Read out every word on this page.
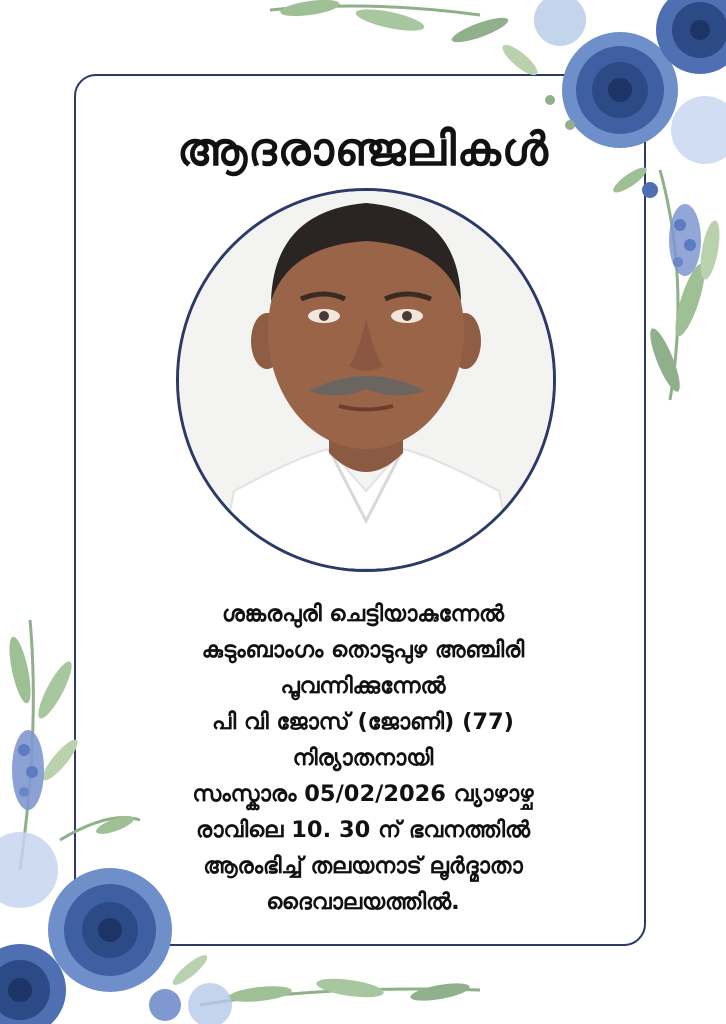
ആദരാഞ്ജലികൾ
ശങ്കരപുരി ചെട്ടിയാകുന്നേൽ
കുടുംബാംഗം തൊടുപുഴ അഞ്ചിരി
പൂവന്നിക്കുന്നേൽ
പി വി ജോസ് (ജോണി) (77)
നിര്യാതനായി
സംസ്കാരം 05/02/2026 വ്യാഴാഴ്ച
രാവിലെ 10. 30 ന് ഭവനത്തിൽ
ആരംഭിച്ച് തലയനാട് ലൂർദ്മാതാ
ദൈവാലയത്തിൽ.
